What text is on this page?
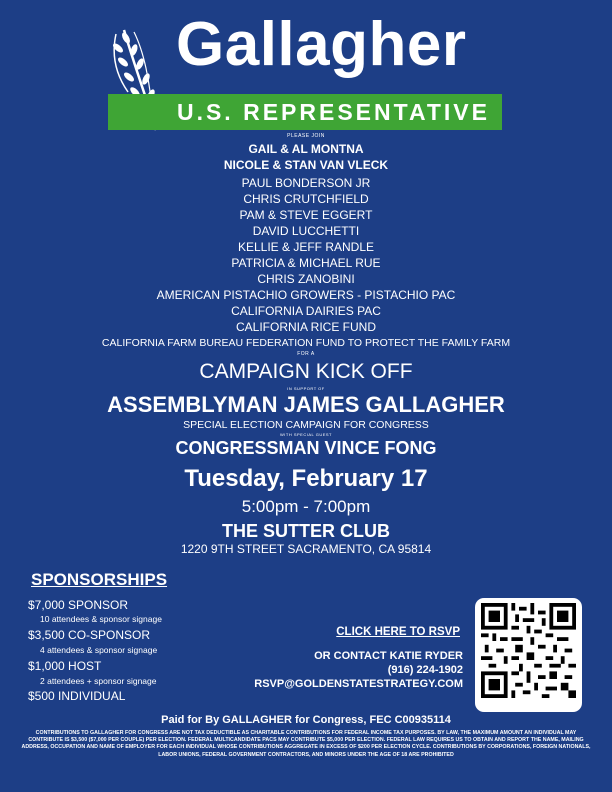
Gallagher
U.S. REPRESENTATIVE
PLEASE JOIN
GAIL & AL MONTNA
NICOLE & STAN VAN VLECK
PAUL BONDERSON JR
CHRIS CRUTCHFIELD
PAM & STEVE EGGERT
DAVID LUCCHETTI
KELLIE & JEFF RANDLE
PATRICIA & MICHAEL RUE
CHRIS ZANOBINI
AMERICAN PISTACHIO GROWERS - PISTACHIO PAC
CALIFORNIA DAIRIES PAC
CALIFORNIA RICE FUND
CALIFORNIA FARM BUREAU FEDERATION FUND TO PROTECT THE FAMILY FARM
FOR A
CAMPAIGN KICK OFF
IN SUPPORT OF
ASSEMBLYMAN JAMES GALLAGHER
SPECIAL ELECTION CAMPAIGN FOR CONGRESS
WITH SPECIAL GUEST
CONGRESSMAN VINCE FONG
Tuesday, February 17
5:00pm - 7:00pm
THE SUTTER CLUB
1220 9TH STREET SACRAMENTO, CA 95814
SPONSORSHIPS
$7,000 SPONSOR
10 attendees & sponsor signage
$3,500 CO-SPONSOR
4 attendees & sponsor signage
$1,000 HOST
2 attendees + sponsor signage
$500 INDIVIDUAL
CLICK HERE TO RSVP
OR CONTACT KATIE RYDER
(916) 224-1902
RSVP@GOLDENSTATESTRATEGY.COM
SCAN HERE
Paid for By GALLAGHER for Congress, FEC C00935114
CONTRIBUTIONS TO GALLAGHER FOR CONGRESS ARE NOT TAX DEDUCTIBLE AS CHARITABLE CONTRIBUTIONS FOR FEDERAL INCOME TAX PURPOSES. BY LAW, THE MAXIMUM AMOUNT AN INDIVIDUAL MAY CONTRIBUTE IS $3,500 ($7,000 PER COUPLE) PER ELECTION. FEDERAL MULTICANDIDATE PACS MAY CONTRIBUTE $5,000 PER ELECTION. FEDERAL LAW REQUIRES US TO OBTAIN AND REPORT THE NAME, MAILING ADDRESS, OCCUPATION AND NAME OF EMPLOYER FOR EACH INDIVIDUAL WHOSE CONTRIBUTIONS AGGREGATE IN EXCESS OF $200 PER ELECTION CYCLE. CONTRIBUTIONS BY CORPORATIONS, FOREIGN NATIONALS, LABOR UNIONS, FEDERAL GOVERNMENT CONTRACTORS, AND MINORS UNDER THE AGE OF 18 ARE PROHIBITED
